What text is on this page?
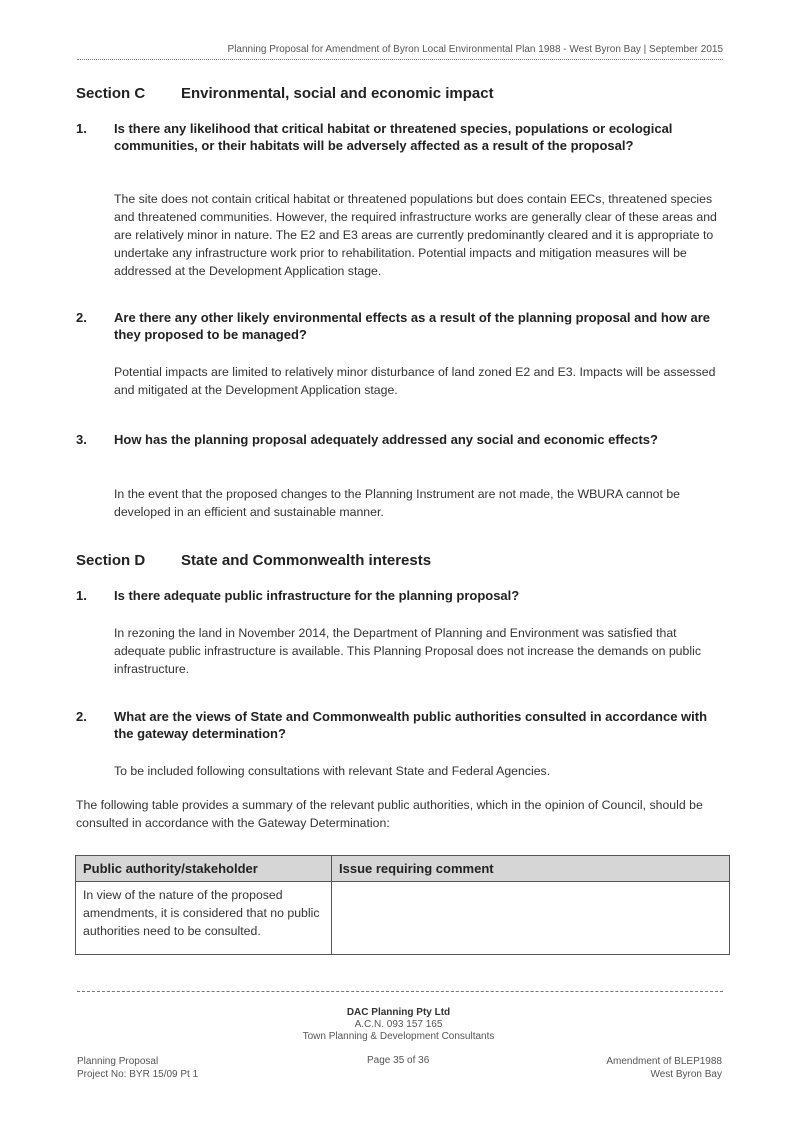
Planning Proposal for Amendment of Byron Local Environmental Plan 1988 - West Byron Bay | September 2015
Section C Environmental, social and economic impact
1. Is there any likelihood that critical habitat or threatened species, populations or ecological communities, or their habitats will be adversely affected as a result of the proposal?
The site does not contain critical habitat or threatened populations but does contain EECs, threatened species and threatened communities. However, the required infrastructure works are generally clear of these areas and are relatively minor in nature. The E2 and E3 areas are currently predominantly cleared and it is appropriate to undertake any infrastructure work prior to rehabilitation. Potential impacts and mitigation measures will be addressed at the Development Application stage.
2. Are there any other likely environmental effects as a result of the planning proposal and how are they proposed to be managed?
Potential impacts are limited to relatively minor disturbance of land zoned E2 and E3. Impacts will be assessed and mitigated at the Development Application stage.
3. How has the planning proposal adequately addressed any social and economic effects?
In the event that the proposed changes to the Planning Instrument are not made, the WBURA cannot be developed in an efficient and sustainable manner.
Section D State and Commonwealth interests
1. Is there adequate public infrastructure for the planning proposal?
In rezoning the land in November 2014, the Department of Planning and Environment was satisfied that adequate public infrastructure is available. This Planning Proposal does not increase the demands on public infrastructure.
2. What are the views of State and Commonwealth public authorities consulted in accordance with the gateway determination?
To be included following consultations with relevant State and Federal Agencies.
The following table provides a summary of the relevant public authorities, which in the opinion of Council, should be consulted in accordance with the Gateway Determination:
Public authority/stakeholder	Issue requiring comment
In view of the nature of the proposed amendments, it is considered that no public authorities need to be consulted.	
DAC Planning Pty Ltd
A.C.N. 093 157 165
Town Planning & Development Consultants
Planning Proposal
Project No: BYR 15/09 Pt 1
Page 35 of 36	Amendment of BLEP1988
West Byron Bay
